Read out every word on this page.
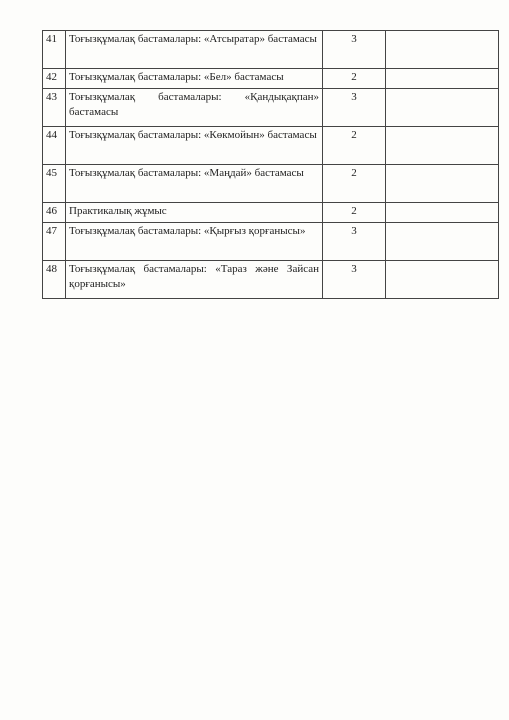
41	Тоғызқұмалақ бастамалары: «Атсыратар» бастамасы	3	
42	Тоғызқұмалақ бастамалары: «Бел» бастамасы	2	
43	Тоғызқұмалақ бастамалары: «Қандықақпан» бастамасы	3	
44	Тоғызқұмалақ бастамалары: «Көкмойын» бастамасы	2	
45	Тоғызқұмалақ бастамалары: «Маңдай» бастамасы	2	
46	Практикалық жұмыс	2	
47	Тоғызқұмалақ бастамалары: «Қырғыз қорғанысы»	3	
48	Тоғызқұмалақ бастамалары: «Тараз және Зайсан қорғанысы»	3	
